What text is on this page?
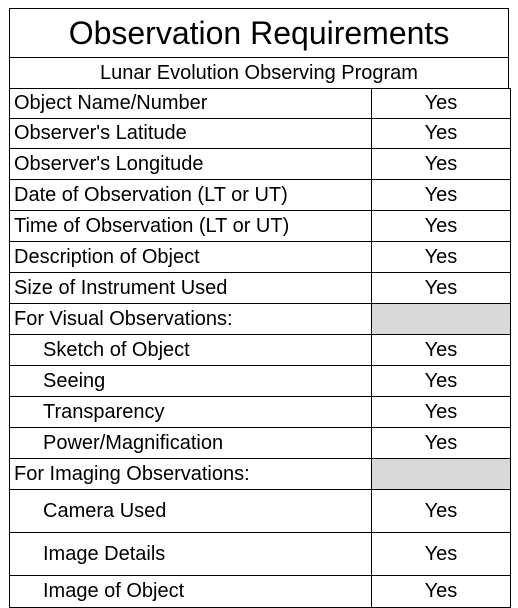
Observation Requirements
Lunar Evolution Observing Program
Object Name/Number	Yes
Observer's Latitude	Yes
Observer's Longitude	Yes
Date of Observation (LT or UT)	Yes
Time of Observation (LT or UT)	Yes
Description of Object	Yes
Size of Instrument Used	Yes
For Visual Observations:	
Sketch of Object	Yes
Seeing	Yes
Transparency	Yes
Power/Magnification	Yes
For Imaging Observations:	
Camera Used	Yes
Image Details	Yes
Image of Object	Yes
